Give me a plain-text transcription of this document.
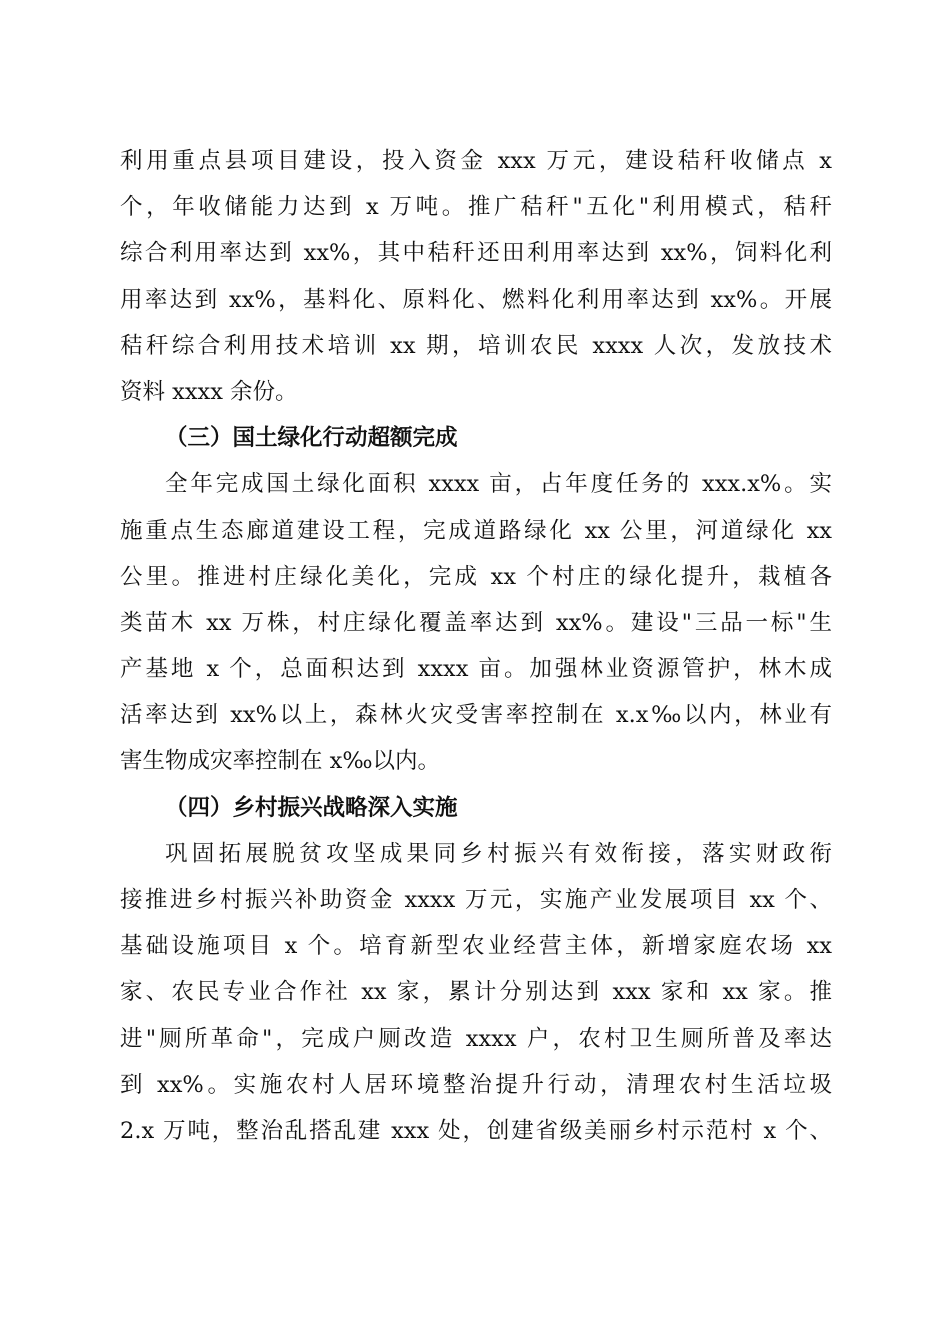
利用重点县项目建设，投入资金 xxx 万元，建设秸秆收储点 x
个，年收储能力达到 x 万吨。推广秸秆"五化"利用模式，秸秆
综合利用率达到 xx%，其中秸秆还田利用率达到 xx%，饲料化利
用率达到 xx%，基料化、原料化、燃料化利用率达到 xx%。开展
秸秆综合利用技术培训 xx 期，培训农民 xxxx 人次，发放技术
资料 xxxx 余份。
（三）国土绿化行动超额完成
全年完成国土绿化面积 xxxx 亩，占年度任务的 xxx.x%。实
施重点生态廊道建设工程，完成道路绿化 xx 公里，河道绿化 xx
公里。推进村庄绿化美化，完成 xx 个村庄的绿化提升，栽植各
类苗木 xx 万株，村庄绿化覆盖率达到 xx%。建设"三品一标"生
产基地 x 个，总面积达到 xxxx 亩。加强林业资源管护，林木成
活率达到 xx%以上，森林火灾受害率控制在 x.x‰以内，林业有
害生物成灾率控制在 x‰以内。
（四）乡村振兴战略深入实施
巩固拓展脱贫攻坚成果同乡村振兴有效衔接，落实财政衔
接推进乡村振兴补助资金 xxxx 万元，实施产业发展项目 xx 个、
基础设施项目 x 个。培育新型农业经营主体，新增家庭农场 xx
家、农民专业合作社 xx 家，累计分别达到 xxx 家和 xx 家。推
进"厕所革命"，完成户厕改造 xxxx 户，农村卫生厕所普及率达
到 xx%。实施农村人居环境整治提升行动，清理农村生活垃圾
2.x 万吨，整治乱搭乱建 xxx 处，创建省级美丽乡村示范村 x 个、
